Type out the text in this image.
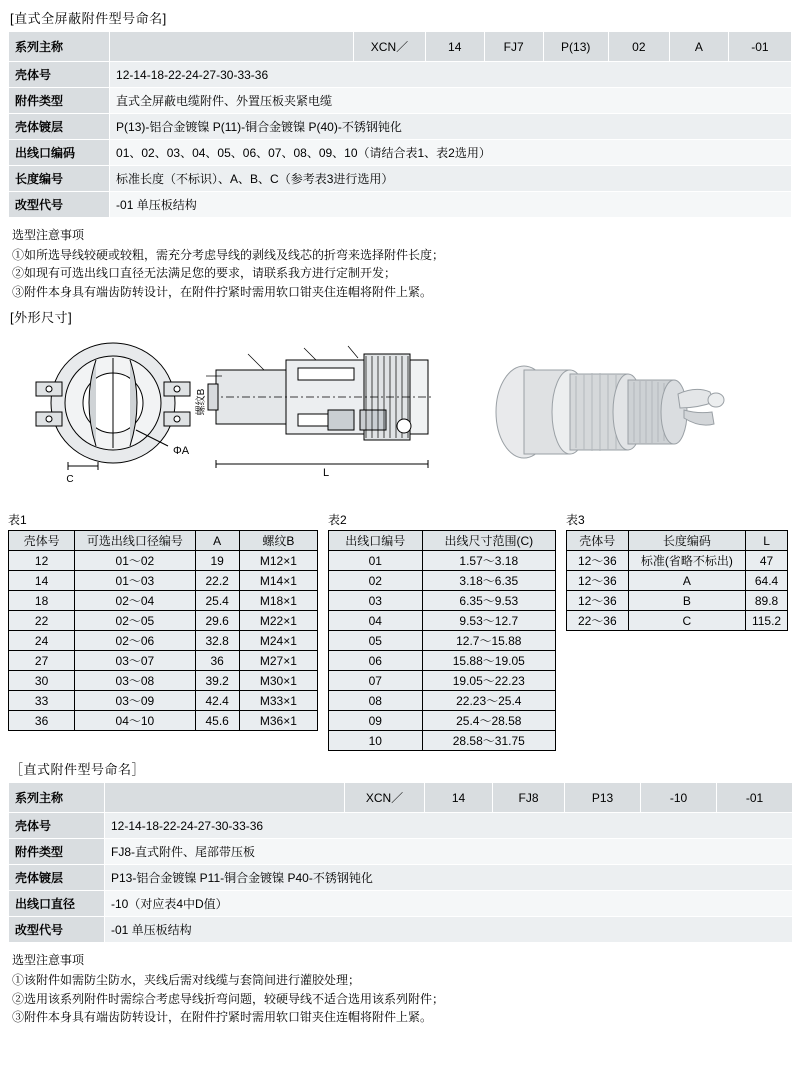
[直式全屏蔽附件型号命名]
系列主称		XCN／	14	FJ7	P(13)	02	A	-01
壳体号	12-14-18-22-24-27-30-33-36							
附件类型	直式全屏蔽电缆附件、外置压板夹紧电缆							
壳体镀层	P(13)-铝合金镀镍 P(11)-铜合金镀镍 P(40)-不锈钢钝化							
出线口编码	01、02、03、04、05、06、07、08、09、10（请结合表1、表2选用）							
长度编号	标准长度（不标识）、A、B、C（参考表3进行选用）							
改型代号	-01 单压板结构							
选型注意事项
①如所选导线较硬或较粗，需充分考虑导线的剥线及线芯的折弯来选择附件长度；
②如现有可选出线口直径无法满足您的要求，请联系我方进行定制开发；
③附件本身具有端齿防转设计，在附件拧紧时需用软口钳夹住连帽将附件上紧。
[外形尺寸]
C
ΦA
L
螺纹B
表1
壳体号	可选出线口径编号	A	螺纹B
12	01～02	19	M12×1
14	01～03	22.2	M14×1
18	02～04	25.4	M18×1
22	02～05	29.6	M22×1
24	02～06	32.8	M24×1
27	03～07	36	M27×1
30	03～08	39.2	M30×1
33	03～09	42.4	M33×1
36	04～10	45.6	M36×1
表2
出线口编号	出线尺寸范围(C)
01	1.57～3.18
02	3.18～6.35
03	6.35～9.53
04	9.53～12.7
05	12.7～15.88
06	15.88～19.05
07	19.05～22.23
08	22.23～25.4
09	25.4～28.58
10	28.58～31.75
表3
壳体号	长度编码	L
12～36	标准(省略不标出)	47
12～36	A	64.4
12～36	B	89.8
22～36	C	115.2
［直式附件型号命名］
系列主称		XCN／	14	FJ8	P13	-10	-01
壳体号	12-14-18-22-24-27-30-33-36						
附件类型	FJ8-直式附件、尾部带压板						
壳体镀层	P13-铝合金镀镍 P11-铜合金镀镍 P40-不锈钢钝化						
出线口直径	-10（对应表4中D值）						
改型代号	-01 单压板结构						
选型注意事项
①该附件如需防尘防水，夹线后需对线缆与套筒间进行灌胶处理；
②选用该系列附件时需综合考虑导线折弯问题，较硬导线不适合选用该系列附件；
③附件本身具有端齿防转设计，在附件拧紧时需用软口钳夹住连帽将附件上紧。
